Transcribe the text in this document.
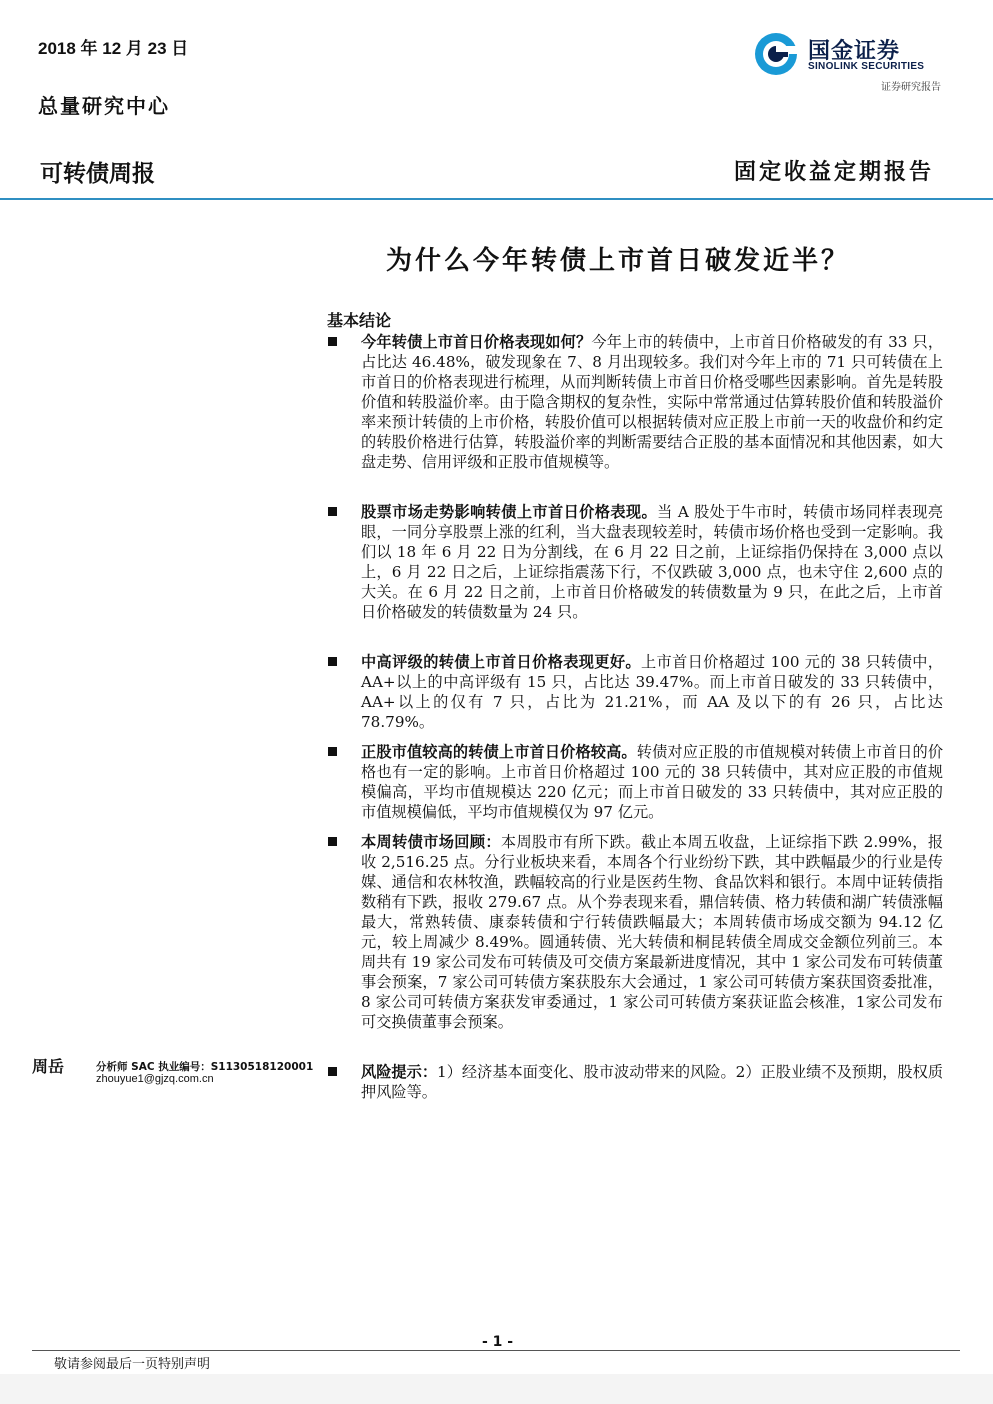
2018 年 12 月 23 日
总量研究中心
国金证券
SINOLINK SECURITIES
证券研究报告
可转债周报	固定收益定期报告
为什么今年转债上市首日破发近半？
基本结论
今年转债上市首日价格表现如何？今年上市的转债中，上市首日价格破发的有 33 只，占比达 46.48%，破发现象在 7、8 月出现较多。我们对今年上市的 71 只可转债在上市首日的价格表现进行梳理，从而判断转债上市首日价格受哪些因素影响。首先是转股价值和转股溢价率。由于隐含期权的复杂性，实际中常常通过估算转股价值和转股溢价率来预计转债的上市价格，转股价值可以根据转债对应正股上市前一天的收盘价和约定的转股价格进行估算，转股溢价率的判断需要结合正股的基本面情况和其他因素，如大盘走势、信用评级和正股市值规模等。
股票市场走势影响转债上市首日价格表现。当 A 股处于牛市时，转债市场同样表现亮眼，一同分享股票上涨的红利，当大盘表现较差时，转债市场价格也受到一定影响。我们以 18 年 6 月 22 日为分割线，在 6 月 22 日之前，上证综指仍保持在 3,000 点以上，6 月 22 日之后，上证综指震荡下行，不仅跌破 3,000 点，也未守住 2,600 点的大关。在 6 月 22 日之前，上市首日价格破发的转债数量为 9 只，在此之后，上市首日价格破发的转债数量为 24 只。
中高评级的转债上市首日价格表现更好。上市首日价格超过 100 元的 38 只转债中，AA+以上的中高评级有 15 只，占比达 39.47%。而上市首日破发的 33 只转债中，AA+以上的仅有 7 只，占比为 21.21%，而 AA 及以下的有 26 只，占比达 78.79%。
正股市值较高的转债上市首日价格较高。转债对应正股的市值规模对转债上市首日的价格也有一定的影响。上市首日价格超过 100 元的 38 只转债中，其对应正股的市值规模偏高，平均市值规模达 220 亿元；而上市首日破发的 33 只转债中，其对应正股的市值规模偏低，平均市值规模仅为 97 亿元。
本周转债市场回顾：本周股市有所下跌。截止本周五收盘，上证综指下跌 2.99%，报收 2,516.25 点。分行业板块来看，本周各个行业纷纷下跌，其中跌幅最少的行业是传媒、通信和农林牧渔，跌幅较高的行业是医药生物、食品饮料和银行。本周中证转债指数稍有下跌，报收 279.67 点。从个券表现来看，鼎信转债、格力转债和湖广转债涨幅最大，常熟转债、康泰转债和宁行转债跌幅最大；本周转债市场成交额为 94.12 亿元，较上周减少 8.49%。圆通转债、光大转债和桐昆转债全周成交金额位列前三。本周共有 19 家公司发布可转债及可交债方案最新进度情况，其中 1 家公司发布可转债董事会预案，7 家公司可转债方案获股东大会通过，1 家公司可转债方案获国资委批准，8 家公司可转债方案获发审委通过，1 家公司可转债方案获证监会核准，1家公司发布可交换债董事会预案。
风险提示：1）经济基本面变化、股市波动带来的风险。2）正股业绩不及预期，股权质押风险等。
周岳	分析师 SAC 执业编号：S1130518120001
zhouyue1@gjzq.com.cn
- 1 -
敬请参阅最后一页特别声明
